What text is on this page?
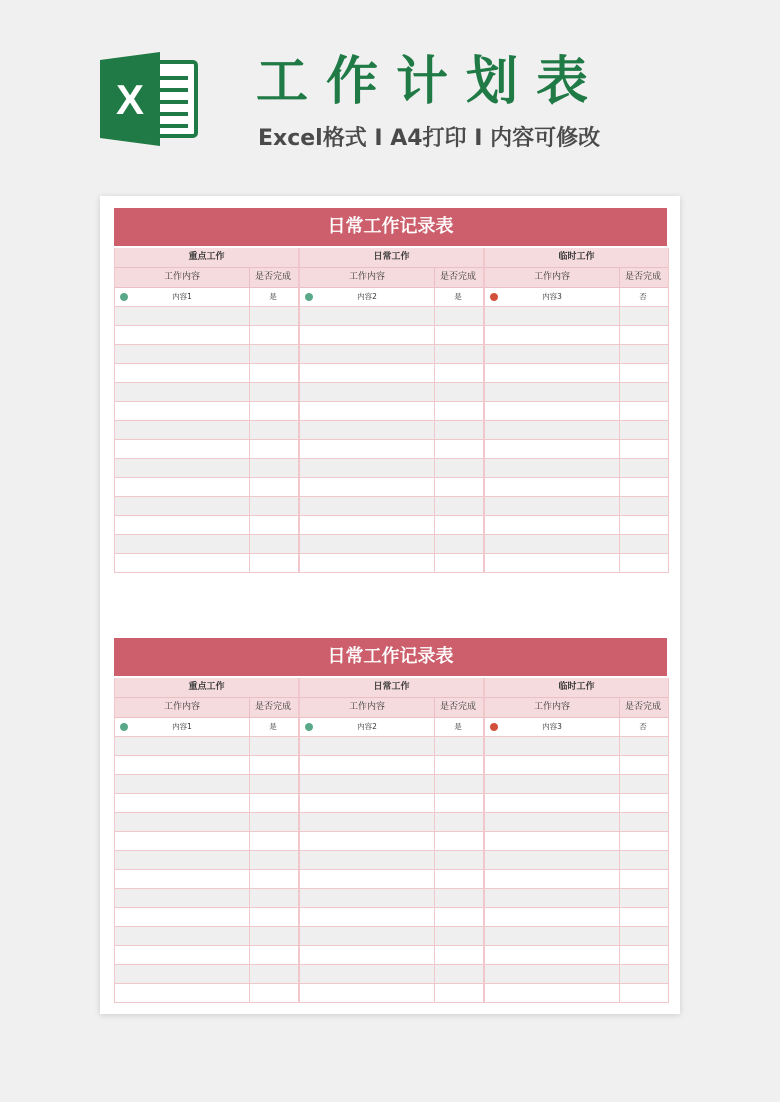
X 工作计划表
Excel格式 I A4打印 I 内容可修改
日常工作记录表
重点工作
工作内容	是否完成
内容1	是
日常工作
工作内容	是否完成
内容2	是
临时工作
工作内容	是否完成
内容3	否
日常工作记录表
重点工作
工作内容	是否完成
内容1	是
日常工作
工作内容	是否完成
内容2	是
临时工作
工作内容	是否完成
内容3	否
